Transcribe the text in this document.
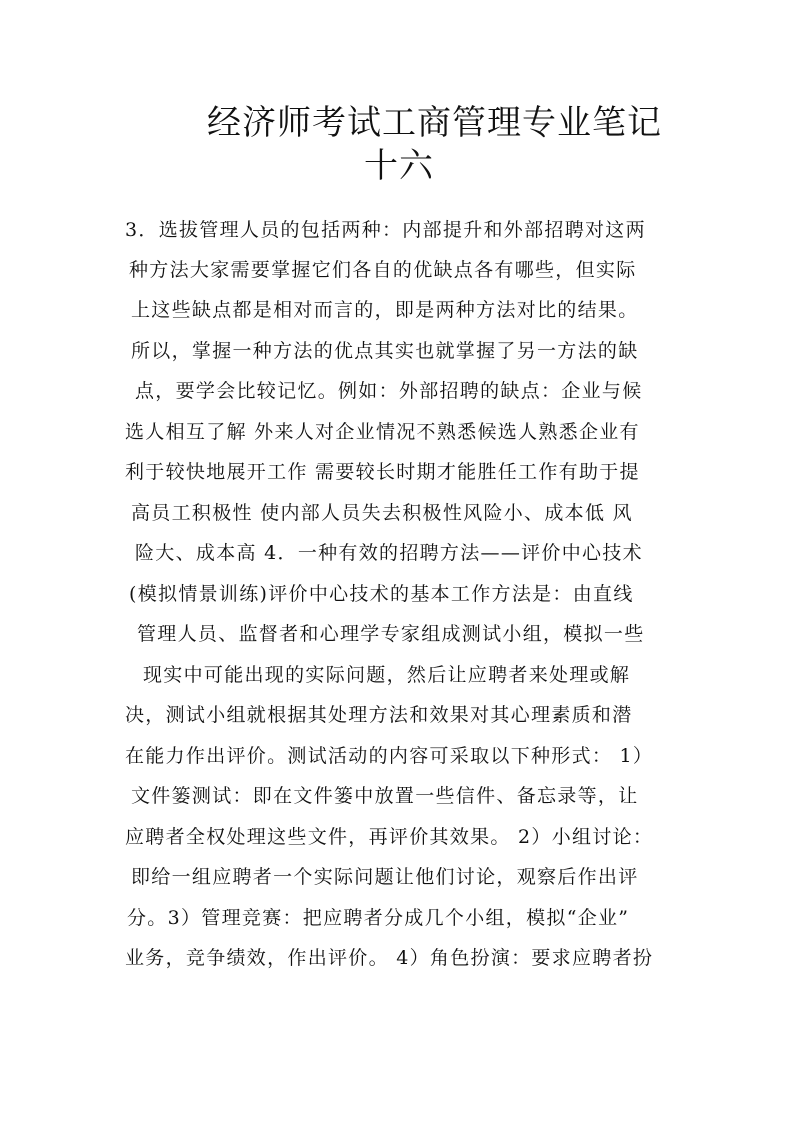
经济师考试工商管理专业笔记
十六
3．选拔管理人员的包括两种：内部提升和外部招聘对这两
种方法大家需要掌握它们各自的优缺点各有哪些，但实际
上这些缺点都是相对而言的，即是两种方法对比的结果。
所以，掌握一种方法的优点其实也就掌握了另一方法的缺
点，要学会比较记忆。例如：外部招聘的缺点：企业与候
选人相互了解 外来人对企业情况不熟悉候选人熟悉企业有
利于较快地展开工作 需要较长时期才能胜任工作有助于提
高员工积极性 使内部人员失去积极性风险小、成本低 风
险大、成本高 4．一种有效的招聘方法——评价中心技术
(模拟情景训练)评价中心技术的基本工作方法是：由直线
管理人员、监督者和心理学专家组成测试小组，模拟一些
现实中可能出现的实际问题，然后让应聘者来处理或解
决，测试小组就根据其处理方法和效果对其心理素质和潜
在能力作出评价。测试活动的内容可采取以下种形式： 1）
文件篓测试：即在文件篓中放置一些信件、备忘录等，让
应聘者全权处理这些文件，再评价其效果。 2）小组讨论：
即给一组应聘者一个实际问题让他们讨论，观察后作出评
分。3）管理竞赛：把应聘者分成几个小组，模拟“企业”
业务，竞争绩效，作出评价。 4）角色扮演：要求应聘者扮
